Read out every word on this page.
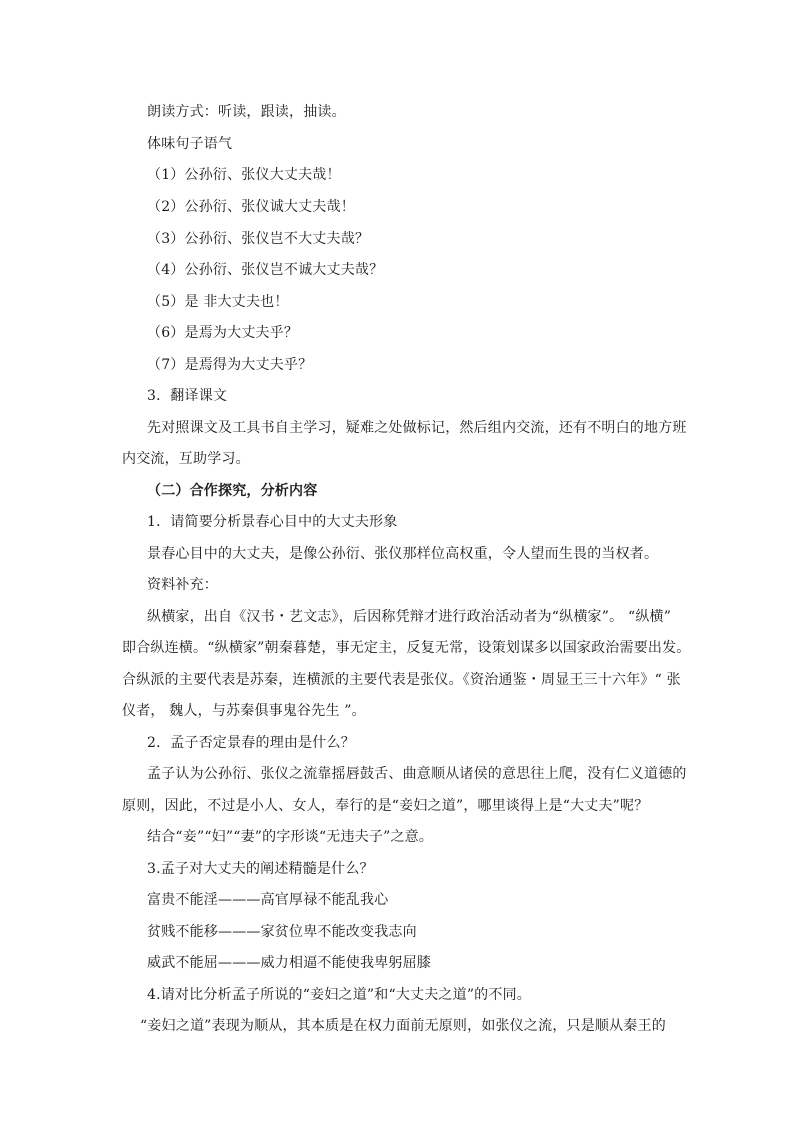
朗读方式：听读，跟读，抽读。
体味句子语气
（1）公孙衍、张仪大丈夫哉！
（2）公孙衍、张仪诚大丈夫哉！
（3）公孙衍、张仪岂不大丈夫哉？
（4）公孙衍、张仪岂不诚大丈夫哉？
（5）是 非大丈夫也！
（6）是焉为大丈夫乎？
（7）是焉得为大丈夫乎？
3．翻译课文
先对照课文及工具书自主学习，疑难之处做标记，然后组内交流，还有不明白的地方班
内交流，互助学习。
（二）合作探究，分析内容
1．请简要分析景春心目中的大丈夫形象
景春心目中的大丈夫，是像公孙衍、张仪那样位高权重，令人望而生畏的当权者。
资料补充：
纵横家，出自《汉书・艺文志》，后因称凭辩才进行政治活动者为“纵横家”。 “纵横”
即合纵连横。“纵横家”朝秦暮楚，事无定主，反复无常，设策划谋多以国家政治需要出发。
合纵派的主要代表是苏秦，连横派的主要代表是张仪。《资治通鉴・周显王三十六年》“ 张
仪者， 魏人，与苏秦俱事鬼谷先生 ”。
2．孟子否定景春的理由是什么？
孟子认为公孙衍、张仪之流靠摇唇鼓舌、曲意顺从诸侯的意思往上爬，没有仁义道德的
原则，因此，不过是小人、女人，奉行的是“妾妇之道”，哪里谈得上是“大丈夫”呢？
结合“妾”“妇”“妻”的字形谈“无违夫子”之意。
3.孟子对大丈夫的阐述精髓是什么？
富贵不能淫———高官厚禄不能乱我心
贫贱不能移———家贫位卑不能改变我志向
威武不能屈———威力相逼不能使我卑躬屈膝
4.请对比分析孟子所说的“妾妇之道”和“大丈夫之道”的不同。
“妾妇之道”表现为顺从，其本质是在权力面前无原则，如张仪之流，只是顺从秦王的
